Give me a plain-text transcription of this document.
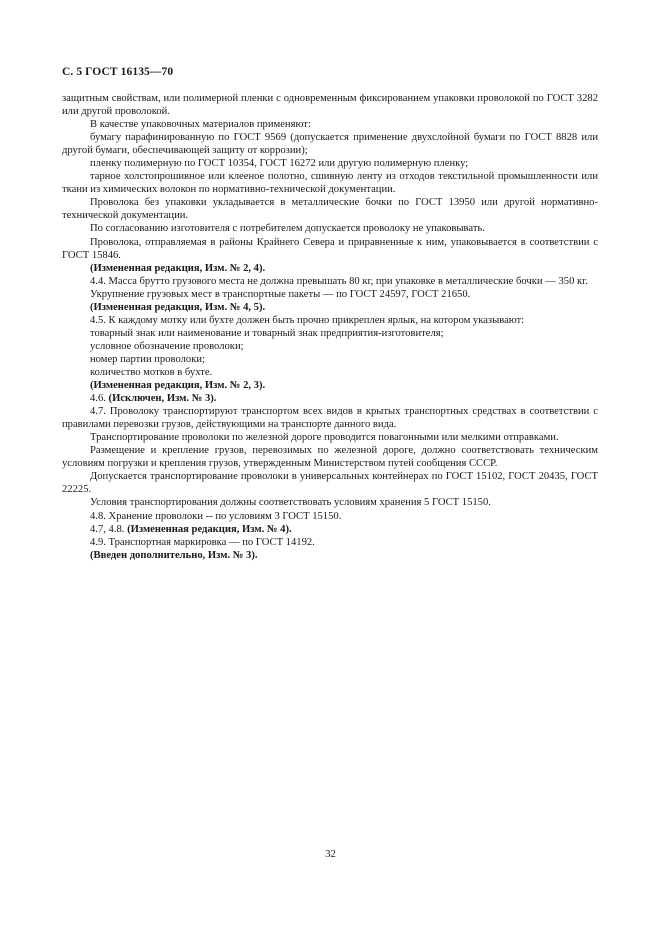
С. 5 ГОСТ 16135—70

защитным свойствам, или полимерной пленки с одновременным фиксированием упаковки проволокой по ГОСТ 3282 или другой проволокой.

В качестве упаковочных материалов применяют:

бумагу парафинированную по ГОСТ 9569 (допускается применение двухслойной бумаги по ГОСТ 8828 или другой бумаги, обеспечивающей защиту от коррозии);

пленку полимерную по ГОСТ 10354, ГОСТ 16272 или другую полимерную пленку;

тарное холстопрошивное или клееное полотно, сшивную ленту из отходов текстильной промышленности или ткани из химических волокон по нормативно-технической документации.

Проволока без упаковки укладывается в металлические бочки по ГОСТ 13950 или другой нормативно-технической документации.

По согласованию изготовителя с потребителем допускается проволоку не упаковывать.

Проволока, отправляемая в районы Крайнего Севера и приравненные к ним, упаковывается в соответствии с ГОСТ 15846.

(Измененная редакция, Изм. № 2, 4).

4.4. Масса брутто грузового места не должна превышать 80 кг, при упаковке в металлические бочки — 350 кг.

Укрупнение грузовых мест в транспортные пакеты — по ГОСТ 24597, ГОСТ 21650.

(Измененная редакция, Изм. № 4, 5).

4.5. К каждому мотку или бухте должен быть прочно прикреплен ярлык, на котором указывают:

товарный знак или наименование и товарный знак предприятия-изготовителя;

условное обозначение проволоки;

номер партии проволоки;

количество мотков в бухте.

(Измененная редакция, Изм. № 2, 3).

4.6. (Исключен, Изм. № 3).

4.7. Проволоку транспортируют транспортом всех видов в крытых транспортных средствах в соответствии с правилами перевозки грузов, действующими на транспорте данного вида.

Транспортирование проволоки по железной дороге проводится повагонными или мелкими отправками.

Размещение и крепление грузов, перевозимых по железной дороге, должно соответствовать техническим условиям погрузки и крепления грузов, утвержденным Министерством путей сообщения СССР.

Допускается транспортирование проволоки в универсальных контейнерах по ГОСТ 15102, ГОСТ 20435, ГОСТ 22225.

Условия транспортирования должны соответствовать условиям хранения 5 ГОСТ 15150.

4.8. Хранение проволоки -- по условиям 3 ГОСТ 15150.

4.7, 4.8. (Измененная редакция, Изм. № 4).

4.9. Транспортная маркировка — по ГОСТ 14192.

(Введен дополнительно, Изм. № 3).

32
